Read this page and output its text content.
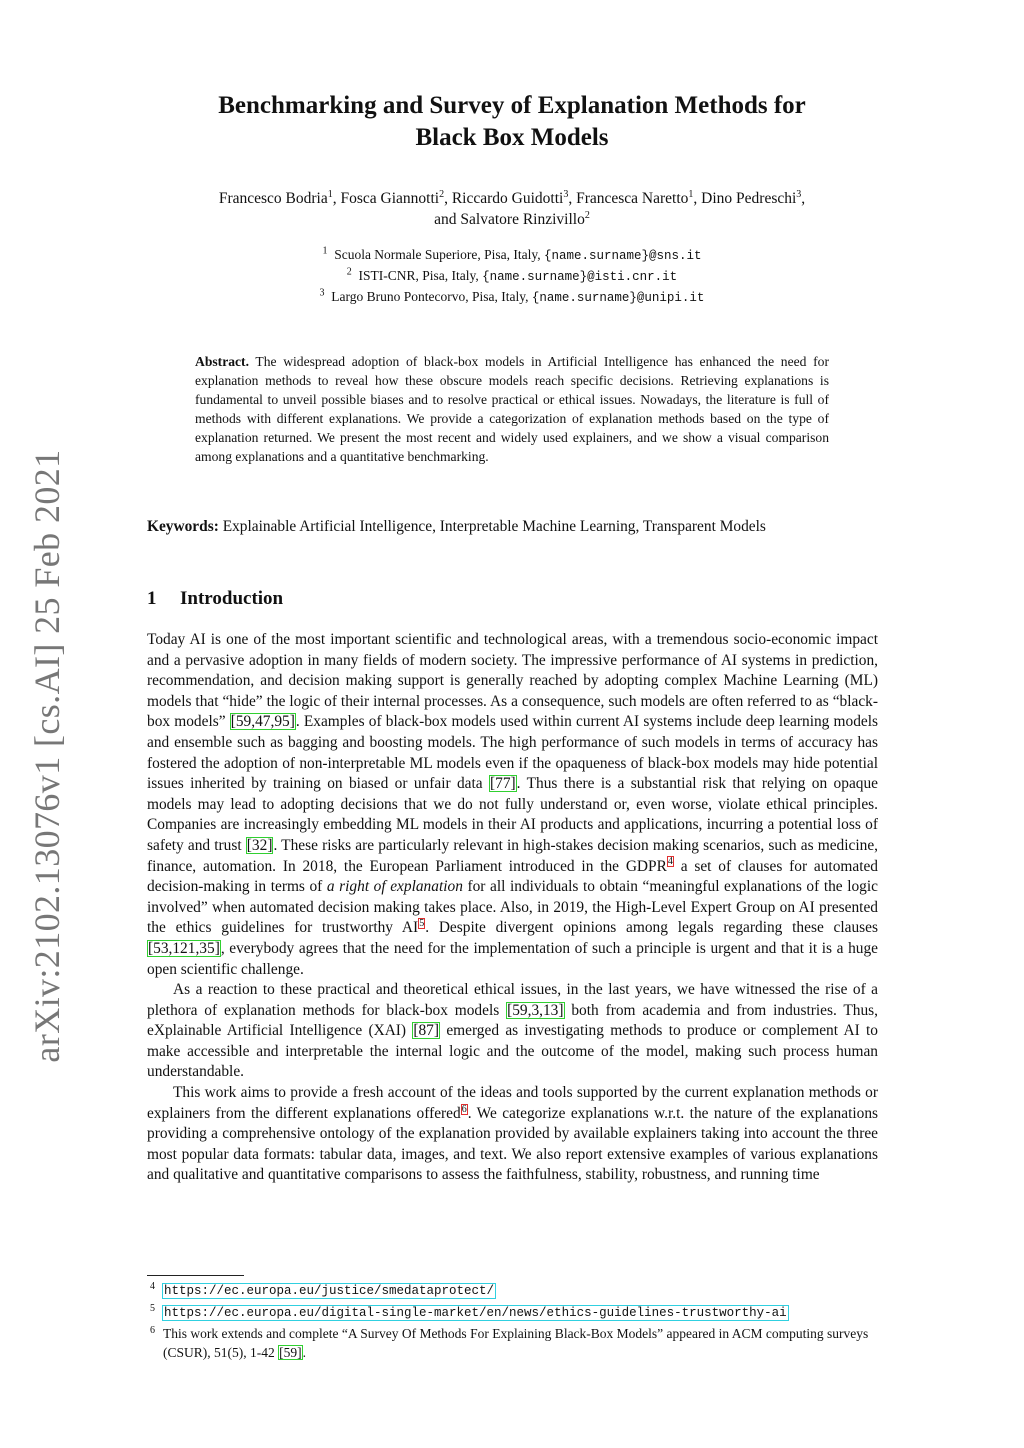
arXiv:2102.13076v1 [cs.AI] 25 Feb 2021
Benchmarking and Survey of Explanation Methods for
Black Box Models
Francesco Bodria$^1$, Fosca Giannotti$^2$, Riccardo Guidotti$^3$, Francesca Naretto$^1$, Dino Pedreschi$^3$,
and Salvatore Rinzivillo$^2$
$^1$ Scuola Normale Superiore, Pisa, Italy, {name.surname}@sns.it
$^2$ ISTI-CNR, Pisa, Italy, {name.surname}@isti.cnr.it
$^3$ Largo Bruno Pontecorvo, Pisa, Italy, {name.surname}@unipi.it
Abstract. The widespread adoption of black-box models in Artificial Intelligence has enhanced the need for explanation methods to reveal how these obscure models reach specific decisions. Retrieving explanations is fundamental to unveil possible biases and to resolve practical or ethical issues. Nowadays, the literature is full of methods with different explanations. We provide a categorization of explanation methods based on the type of explanation returned. We present the most recent and widely used explainers, and we show a visual comparison among explanations and a quantitative benchmarking.
Keywords: Explainable Artificial Intelligence, Interpretable Machine Learning, Transparent Models
1 Introduction

Today AI is one of the most important scientific and technological areas, with a tremendous socio-economic impact and a pervasive adoption in many fields of modern society. The impressive performance of AI systems in prediction, recommendation, and decision making support is generally reached by adopting complex Machine Learning (ML) models that “hide” the logic of their internal processes. As a consequence, such models are often referred to as “black-box models” [59,47,95]. Examples of black-box models used within current AI systems include deep learning models and ensemble such as bagging and boosting models. The high performance of such models in terms of accuracy has fostered the adoption of non-interpretable ML models even if the opaqueness of black-box models may hide potential issues inherited by training on biased or unfair data [77]. Thus there is a substantial risk that relying on opaque models may lead to adopting decisions that we do not fully understand or, even worse, violate ethical principles. Companies are increasingly embedding ML models in their AI products and applications, incurring a potential loss of safety and trust [32]. These risks are particularly relevant in high-stakes decision making scenarios, such as medicine, finance, automation. In 2018, the European Parliament introduced in the GDPR$^4$ a set of clauses for automated decision-making in terms of a right of explanation for all individuals to obtain “meaningful explanations of the logic involved” when automated decision making takes place. Also, in 2019, the High-Level Expert Group on AI presented the ethics guidelines for trustworthy AI$^5$. Despite divergent opinions among legals regarding these clauses [53,121,35], everybody agrees that the need for the implementation of such a principle is urgent and that it is a huge open scientific challenge.

As a reaction to these practical and theoretical ethical issues, in the last years, we have witnessed the rise of a plethora of explanation methods for black-box models [59,3,13] both from academia and from industries. Thus, eXplainable Artificial Intelligence (XAI) [87] emerged as investigating methods to produce or complement AI to make accessible and interpretable the internal logic and the outcome of the model, making such process human understandable.

This work aims to provide a fresh account of the ideas and tools supported by the current explanation methods or explainers from the different explanations offered$^6$. We categorize explanations w.r.t. the nature of the explanations providing a comprehensive ontology of the explanation provided by available explainers taking into account the three most popular data formats: tabular data, images, and text. We also report extensive examples of various explanations and qualitative and quantitative comparisons to assess the faithfulness, stability, robustness, and running time

4 https://ec.europa.eu/justice/smedataprotect/
5 https://ec.europa.eu/digital-single-market/en/news/ethics-guidelines-trustworthy-ai
6 This work extends and complete “A Survey Of Methods For Explaining Black-Box Models” appeared in ACM computing surveys (CSUR), 51(5), 1-42 [59].
